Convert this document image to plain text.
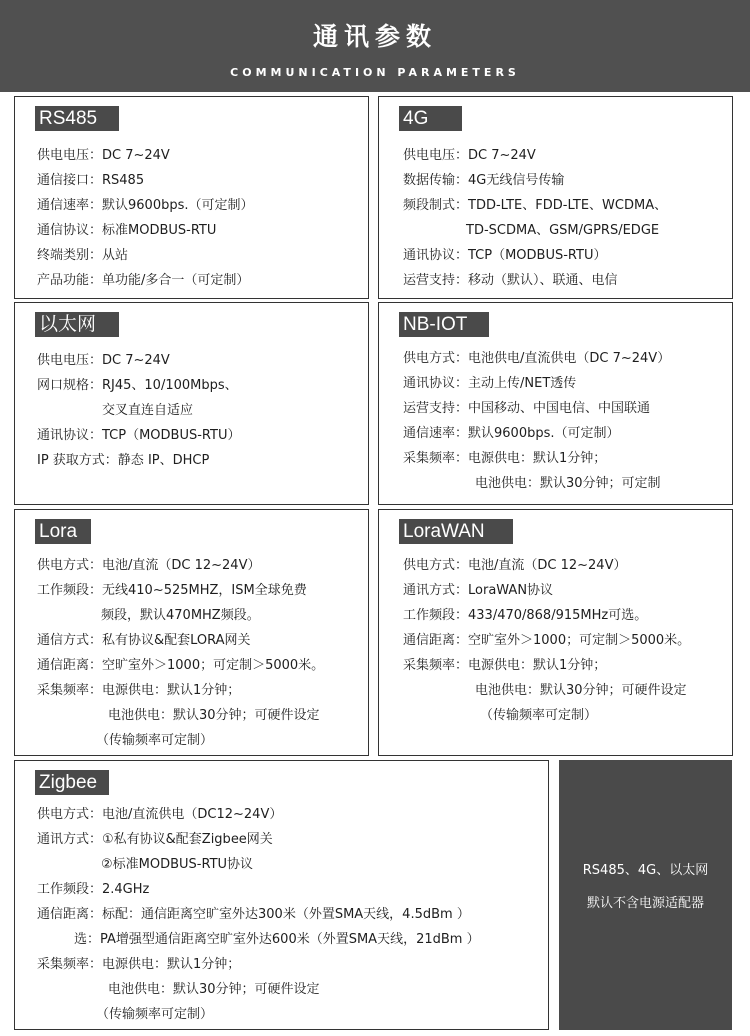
通讯参数
COMMUNICATION PARAMETERS
RS485
供电电压：DC 7~24V
通信接口：RS485
通信速率：默认9600bps.（可定制）
通信协议：标准MODBUS-RTU
终端类别：从站
产品功能：单功能/多合一（可定制）
4G
供电电压：DC 7~24V
数据传输：4G无线信号传输
频段制式：TDD-LTE、FDD-LTE、WCDMA、
TD-SCDMA、GSM/GPRS/EDGE
通讯协议：TCP（MODBUS-RTU）
运营支持：移动（默认）、联通、电信
以太网
供电电压：DC 7~24V
网口规格：RJ45、10/100Mbps、
交叉直连自适应
通讯协议：TCP（MODBUS-RTU）
IP 获取方式：静态 IP、DHCP
NB-IOT
供电方式：电池供电/直流供电（DC 7~24V）
通讯协议：主动上传/NET透传
运营支持：中国移动、中国电信、中国联通
通信速率：默认9600bps.（可定制）
采集频率：电源供电：默认1分钟；
电池供电：默认30分钟；可定制
Lora
供电方式：电池/直流（DC 12~24V）
工作频段：无线410~525MHZ，ISM全球免费
频段，默认470MHZ频段。
通信方式：私有协议&配套LORA网关
通信距离：空旷室外＞1000；可定制＞5000米。
采集频率：电源供电：默认1分钟；
电池供电：默认30分钟；可硬件设定
（传输频率可定制）
LoraWAN
供电方式：电池/直流（DC 12~24V）
通讯方式：LoraWAN协议
工作频段：433/470/868/915MHz可选。
通信距离：空旷室外＞1000；可定制＞5000米。
采集频率：电源供电：默认1分钟；
电池供电：默认30分钟；可硬件设定
（传输频率可定制）
Zigbee
供电方式：电池/直流供电（DC12~24V）
通讯方式：①私有协议&配套Zigbee网关
②标准MODBUS-RTU协议
工作频段：2.4GHz
通信距离：标配：通信距离空旷室外达300米（外置SMA天线，4.5dBm ）
选：PA增强型通信距离空旷室外达600米（外置SMA天线，21dBm ）
采集频率：电源供电：默认1分钟；
电池供电：默认30分钟；可硬件设定
（传输频率可定制）
RS485、4G、以太网
默认不含电源适配器
